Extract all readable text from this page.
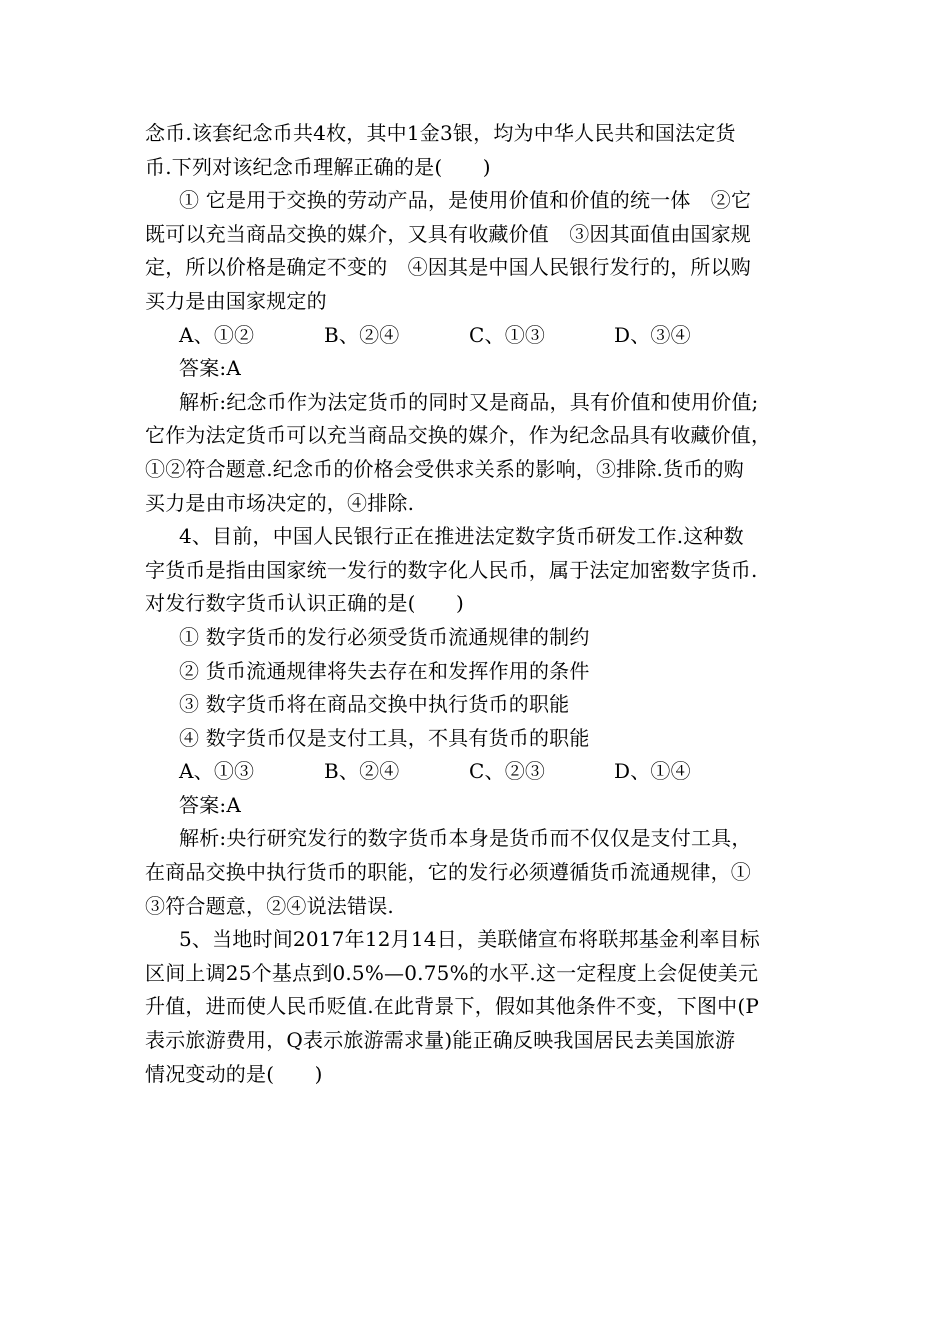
念币.该套纪念币共4枚，其中1金3银，均为中华人民共和国法定货
币.下列对该纪念币理解正确的是(　　)
① 它是用于交换的劳动产品，是使用价值和价值的统一体　②它
既可以充当商品交换的媒介，又具有收藏价值　③因其面值由国家规
定，所以价格是确定不变的　④因其是中国人民银行发行的，所以购
买力是由国家规定的
A、①②	B、②④	C、①③	D、③④
答案:A
解析:纪念币作为法定货币的同时又是商品，具有价值和使用价值;
它作为法定货币可以充当商品交换的媒介，作为纪念品具有收藏价值，
①②符合题意.纪念币的价格会受供求关系的影响，③排除.货币的购
买力是由市场决定的，④排除.
4、目前，中国人民银行正在推进法定数字货币研发工作.这种数
字货币是指由国家统一发行的数字化人民币，属于法定加密数字货币.
对发行数字货币认识正确的是(　　)
① 数字货币的发行必须受货币流通规律的制约
② 货币流通规律将失去存在和发挥作用的条件
③ 数字货币将在商品交换中执行货币的职能
④ 数字货币仅是支付工具，不具有货币的职能
A、①③	B、②④	C、②③	D、①④
答案:A
解析:央行研究发行的数字货币本身是货币而不仅仅是支付工具，
在商品交换中执行货币的职能，它的发行必须遵循货币流通规律，①
③符合题意，②④说法错误.
5、当地时间2017年12月14日，美联储宣布将联邦基金利率目标
区间上调25个基点到0.5%—0.75%的水平.这一定程度上会促使美元
升值，进而使人民币贬值.在此背景下，假如其他条件不变，下图中(P
表示旅游费用，Q表示旅游需求量)能正确反映我国居民去美国旅游
情况变动的是(　　)
